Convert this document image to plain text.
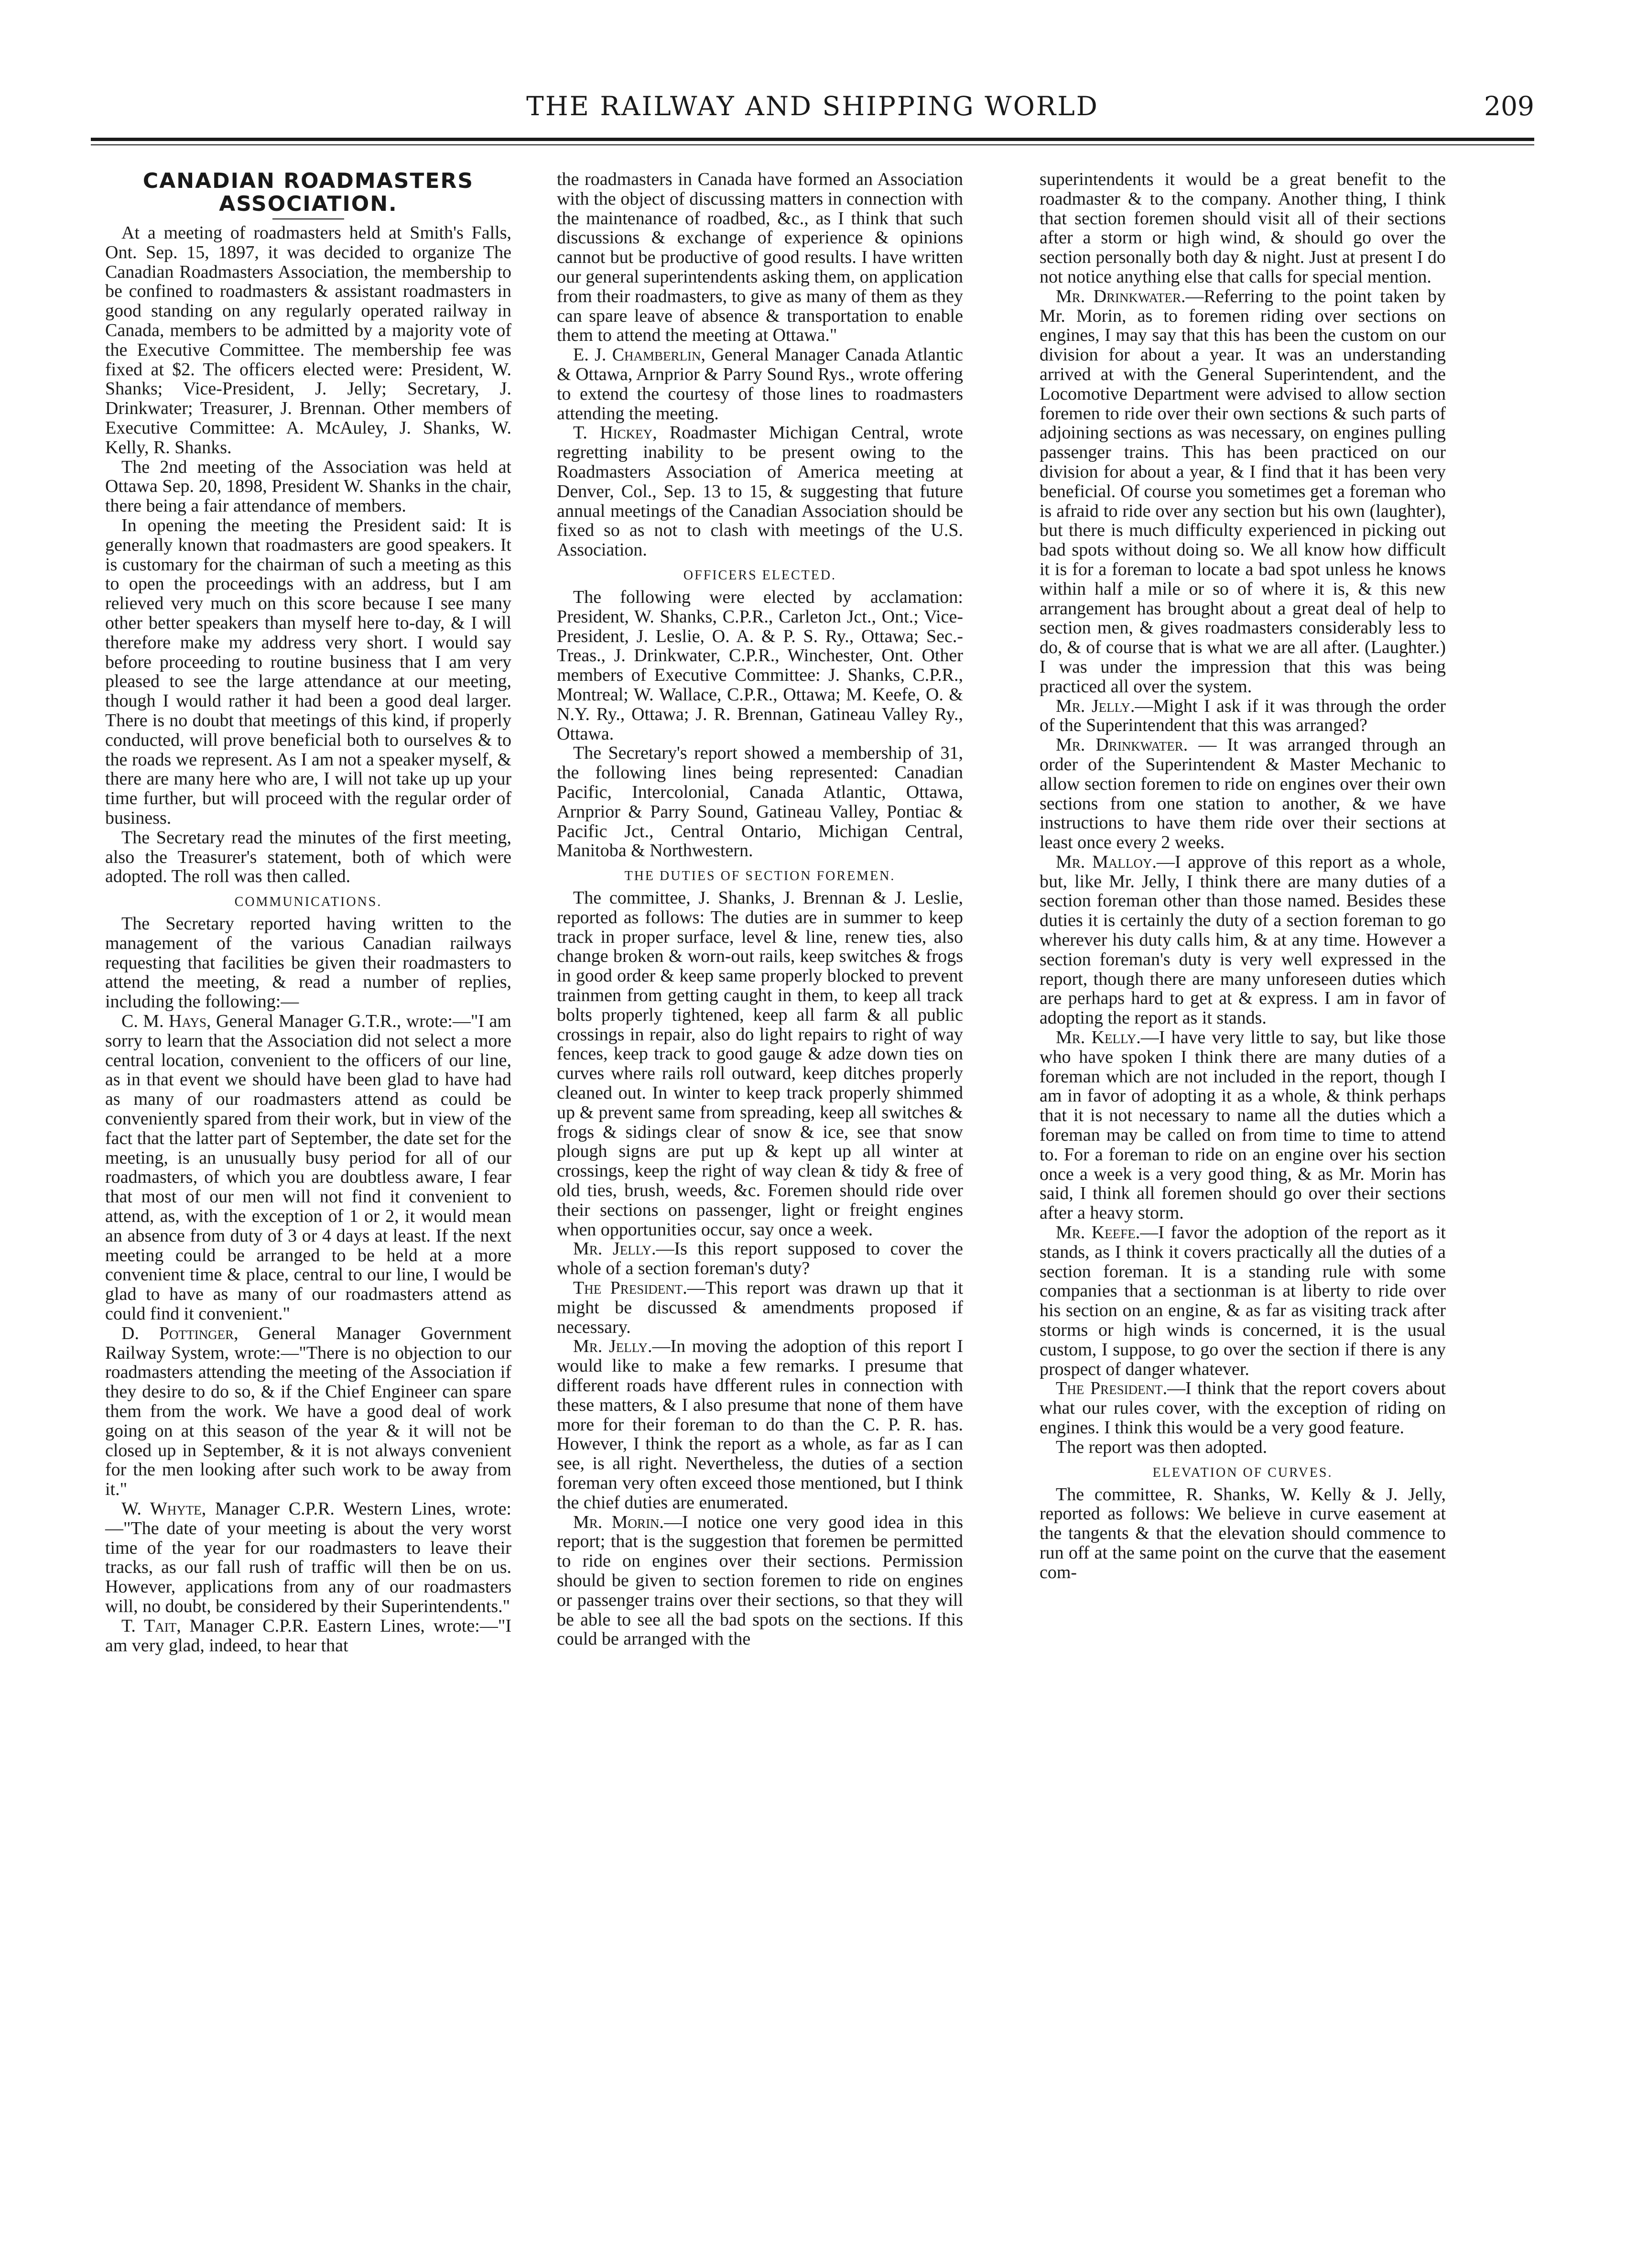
THE RAILWAY AND SHIPPING WORLD	209
CANADIAN ROADMASTERS
ASSOCIATION.

At a meeting of roadmasters held at Smith's Falls, Ont. Sep. 15, 1897, it was decided to organize The Canadian Roadmasters Association, the membership to be confined to roadmasters & assistant roadmasters in good standing on any regularly operated railway in Canada, members to be admitted by a majority vote of the Executive Committee. The membership fee was fixed at $2. The officers elected were: President, W. Shanks; Vice-President, J. Jelly; Secretary, J. Drinkwater; Treasurer, J. Brennan. Other members of Executive Committee: A. McAuley, J. Shanks, W. Kelly, R. Shanks.

The 2nd meeting of the Association was held at Ottawa Sep. 20, 1898, President W. Shanks in the chair, there being a fair attendance of members.

In opening the meeting the President said: It is generally known that roadmasters are good speakers. It is customary for the chairman of such a meeting as this to open the proceedings with an address, but I am relieved very much on this score because I see many other better speakers than myself here to-day, & I will therefore make my address very short. I would say before proceeding to routine business that I am very pleased to see the large attendance at our meeting, though I would rather it had been a good deal larger. There is no doubt that meetings of this kind, if properly conducted, will prove beneficial both to ourselves & to the roads we represent. As I am not a speaker myself, & there are many here who are, I will not take up up your time further, but will proceed with the regular order of business.

The Secretary read the minutes of the first meeting, also the Treasurer's statement, both of which were adopted. The roll was then called.

COMMUNICATIONS.

The Secretary reported having written to the management of the various Canadian railways requesting that facilities be given their roadmasters to attend the meeting, & read a number of replies, including the following:—

C. M. Hays, General Manager G.T.R., wrote:—"I am sorry to learn that the Association did not select a more central location, convenient to the officers of our line, as in that event we should have been glad to have had as many of our roadmasters attend as could be conveniently spared from their work, but in view of the fact that the latter part of September, the date set for the meeting, is an unusually busy period for all of our roadmasters, of which you are doubtless aware, I fear that most of our men will not find it convenient to attend, as, with the exception of 1 or 2, it would mean an absence from duty of 3 or 4 days at least. If the next meeting could be arranged to be held at a more convenient time & place, central to our line, I would be glad to have as many of our roadmasters attend as could find it convenient."

D. Pottinger, General Manager Government Railway System, wrote:—"There is no objection to our roadmasters attending the meeting of the Association if they desire to do so, & if the Chief Engineer can spare them from the work. We have a good deal of work going on at this season of the year & it will not be closed up in September, & it is not always convenient for the men looking after such work to be away from it."

W. Whyte, Manager C.P.R. Western Lines, wrote:—"The date of your meeting is about the very worst time of the year for our roadmasters to leave their tracks, as our fall rush of traffic will then be on us. However, applications from any of our roadmasters will, no doubt, be considered by their Superintendents."

T. Tait, Manager C.P.R. Eastern Lines, wrote:—"I am very glad, indeed, to hear that

the roadmasters in Canada have formed an Association with the object of discussing matters in connection with the maintenance of roadbed, &c., as I think that such discussions & exchange of experience & opinions cannot but be productive of good results. I have written our general superintendents asking them, on application from their roadmasters, to give as many of them as they can spare leave of absence & transportation to enable them to attend the meeting at Ottawa."

E. J. Chamberlin, General Manager Canada Atlantic & Ottawa, Arnprior & Parry Sound Rys., wrote offering to extend the courtesy of those lines to roadmasters attending the meeting.

T. Hickey, Roadmaster Michigan Central, wrote regretting inability to be present owing to the Roadmasters Association of America meeting at Denver, Col., Sep. 13 to 15, & suggesting that future annual meetings of the Canadian Association should be fixed so as not to clash with meetings of the U.S. Association.

OFFICERS ELECTED.

The following were elected by acclamation: President, W. Shanks, C.P.R., Carleton Jct., Ont.; Vice-President, J. Leslie, O. A. & P. S. Ry., Ottawa; Sec.-Treas., J. Drinkwater, C.P.R., Winchester, Ont. Other members of Executive Committee: J. Shanks, C.P.R., Montreal; W. Wallace, C.P.R., Ottawa; M. Keefe, O. & N.Y. Ry., Ottawa; J. R. Brennan, Gatineau Valley Ry., Ottawa.

The Secretary's report showed a membership of 31, the following lines being represented: Canadian Pacific, Intercolonial, Canada Atlantic, Ottawa, Arnprior & Parry Sound, Gatineau Valley, Pontiac & Pacific Jct., Central Ontario, Michigan Central, Manitoba & Northwestern.

THE DUTIES OF SECTION FOREMEN.

The committee, J. Shanks, J. Brennan & J. Leslie, reported as follows: The duties are in summer to keep track in proper surface, level & line, renew ties, also change broken & worn-out rails, keep switches & frogs in good order & keep same properly blocked to prevent trainmen from getting caught in them, to keep all track bolts properly tightened, keep all farm & all public crossings in repair, also do light repairs to right of way fences, keep track to good gauge & adze down ties on curves where rails roll outward, keep ditches properly cleaned out. In winter to keep track properly shimmed up & prevent same from spreading, keep all switches & frogs & sidings clear of snow & ice, see that snow plough signs are put up & kept up all winter at crossings, keep the right of way clean & tidy & free of old ties, brush, weeds, &c. Foremen should ride over their sections on passenger, light or freight engines when opportunities occur, say once a week.

Mr. Jelly.—Is this report supposed to cover the whole of a section foreman's duty?

The President.—This report was drawn up that it might be discussed & amendments proposed if necessary.

Mr. Jelly.—In moving the adoption of this report I would like to make a few remarks. I presume that different roads have dfferent rules in connection with these matters, & I also presume that none of them have more for their foreman to do than the C. P. R. has. However, I think the report as a whole, as far as I can see, is all right. Nevertheless, the duties of a section foreman very often exceed those mentioned, but I think the chief duties are enumerated.

Mr. Morin.—I notice one very good idea in this report; that is the suggestion that foremen be permitted to ride on engines over their sections. Permission should be given to section foremen to ride on engines or passenger trains over their sections, so that they will be able to see all the bad spots on the sections. If this could be arranged with the

superintendents it would be a great benefit to the roadmaster & to the company. Another thing, I think that section foremen should visit all of their sections after a storm or high wind, & should go over the section personally both day & night. Just at present I do not notice anything else that calls for special mention.

Mr. Drinkwater.—Referring to the point taken by Mr. Morin, as to foremen riding over sections on engines, I may say that this has been the custom on our division for about a year. It was an understanding arrived at with the General Superintendent, and the Locomotive Department were advised to allow section foremen to ride over their own sections & such parts of adjoining sections as was necessary, on engines pulling passenger trains. This has been practiced on our division for about a year, & I find that it has been very beneficial. Of course you sometimes get a foreman who is afraid to ride over any section but his own (laughter), but there is much difficulty experienced in picking out bad spots without doing so. We all know how difficult it is for a foreman to locate a bad spot unless he knows within half a mile or so of where it is, & this new arrangement has brought about a great deal of help to section men, & gives roadmasters considerably less to do, & of course that is what we are all after. (Laughter.) I was under the impression that this was being practiced all over the system.

Mr. Jelly.—Might I ask if it was through the order of the Superintendent that this was arranged?

Mr. Drinkwater. — It was arranged through an order of the Superintendent & Master Mechanic to allow section foremen to ride on engines over their own sections from one station to another, & we have instructions to have them ride over their sections at least once every 2 weeks.

Mr. Malloy.—I approve of this report as a whole, but, like Mr. Jelly, I think there are many duties of a section foreman other than those named. Besides these duties it is certainly the duty of a section foreman to go wherever his duty calls him, & at any time. However a section foreman's duty is very well expressed in the report, though there are many unforeseen duties which are perhaps hard to get at & express. I am in favor of adopting the report as it stands.

Mr. Kelly.—I have very little to say, but like those who have spoken I think there are many duties of a foreman which are not included in the report, though I am in favor of adopting it as a whole, & think perhaps that it is not necessary to name all the duties which a foreman may be called on from time to time to attend to. For a foreman to ride on an engine over his section once a week is a very good thing, & as Mr. Morin has said, I think all foremen should go over their sections after a heavy storm.

Mr. Keefe.—I favor the adoption of the report as it stands, as I think it covers practically all the duties of a section foreman. It is a standing rule with some companies that a sectionman is at liberty to ride over his section on an engine, & as far as visiting track after storms or high winds is concerned, it is the usual custom, I suppose, to go over the section if there is any prospect of danger whatever.

The President.—I think that the report covers about what our rules cover, with the exception of riding on engines. I think this would be a very good feature.

The report was then adopted.

ELEVATION OF CURVES.

The committee, R. Shanks, W. Kelly & J. Jelly, reported as follows: We believe in curve easement at the tangents & that the elevation should commence to run off at the same point on the curve that the easement com-
